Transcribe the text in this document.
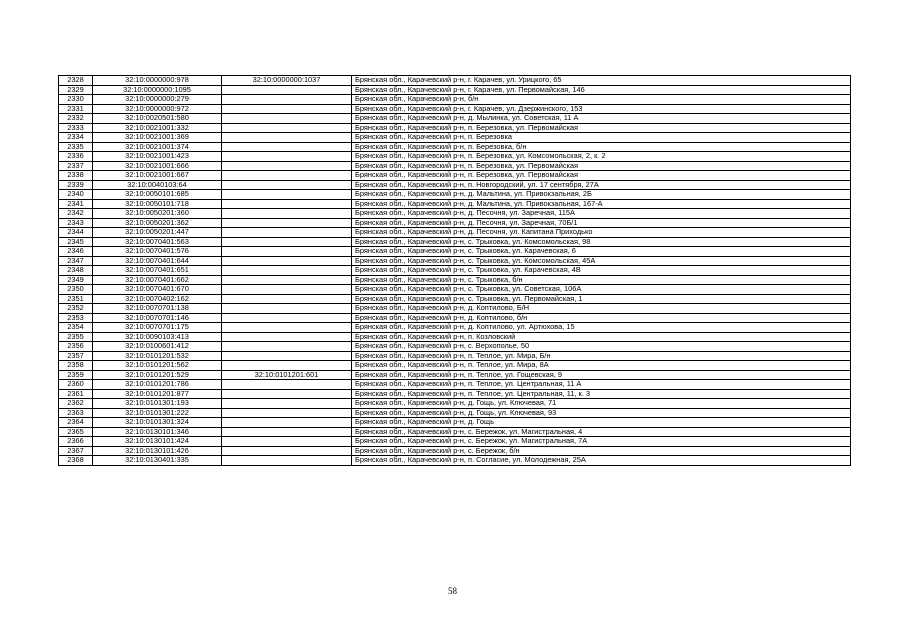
2328	32:10:0000000:978	32:10:0000000:1037	Брянская обл., Карачевский р-н, г. Карачев, ул. Урицкого, 65
2329	32:10:0000000:1095		Брянская обл., Карачевский р-н, г. Карачев, ул. Первомайская, 146
2330	32:10:0000000:279		Брянская обл., Карачевский р-н, б/н
2331	32:10:0000000:972		Брянская обл., Карачевский р-н, г. Карачев, ул. Дзержинского, 153
2332	32:10:0020501:580		Брянская обл., Карачевский р-н, д. Мылинка, ул. Советская, 11 А
2333	32:10:0021001:332		Брянская обл., Карачевский р-н, п. Березовка, ул. Первомайская
2334	32:10:0021001:369		Брянская обл., Карачевский р-н, п. Березовка
2335	32:10:0021001:374		Брянская обл., Карачевский р-н, п. Березовка, б/н
2336	32:10:0021001:423		Брянская обл., Карачевский р-н, п. Березовка, ул. Комсомольская, 2, к. 2
2337	32:10:0021001:666		Брянская обл., Карачевский р-н, п. Березовка, ул. Первомайская
2338	32:10:0021001:667		Брянская обл., Карачевский р-н, п. Березовка, ул. Первомайская
2339	32:10:0040103:64		Брянская обл., Карачевский р-н, п. Новгородский, ул. 17 сентября, 27А
2340	32:10:0050101:685		Брянская обл., Карачевский р-н, д. Мальтина, ул. Привокзальная, 2Б
2341	32:10:0050101:718		Брянская обл., Карачевский р-н, д. Мальтина, ул. Привокзальная, 167-А
2342	32:10:0050201:360		Брянская обл., Карачевский р-н, д. Песочня, ул. Заречная, 115А
2343	32:10:0050201:362		Брянская обл., Карачевский р-н, д. Песочня, ул. Заречная, 70Б/1
2344	32:10:0050201:447		Брянская обл., Карачевский р-н, д. Песочня, ул. Капитана Приходько
2345	32:10:0070401:563		Брянская обл., Карачевский р-н, с. Трыковка, ул. Комсомольская, 98
2346	32:10:0070401:576		Брянская обл., Карачевский р-н, с. Трыковка, ул. Карачевская, 6
2347	32:10:0070401:644		Брянская обл., Карачевский р-н, с. Трыковка, ул. Комсомольская, 45А
2348	32:10:0070401:651		Брянская обл., Карачевский р-н, с. Трыковка, ул. Карачевская, 4В
2349	32:10:0070401:662		Брянская обл., Карачевский р-н, с. Трыковка, б/н
2350	32:10:0070401:670		Брянская обл., Карачевский р-н, с. Трыковка, ул. Советская, 106А
2351	32:10:0070402:162		Брянская обл., Карачевский р-н, с. Трыковка, ул. Первомайская, 1
2352	32:10:0070701:138		Брянская обл., Карачевский р-н, д. Коптилово, Б/Н
2353	32:10:0070701:146		Брянская обл., Карачевский р-н, д. Коптилово, б/н
2354	32:10:0070701:175		Брянская обл., Карачевский р-н, д. Коптилово, ул. Артюхова, 15
2355	32:10:0090103:413		Брянская обл., Карачевский р-н, п. Козловский
2356	32:10:0100601:412		Брянская обл., Карачевский р-н, с. Верхополье, 50
2357	32:10:0101201:532		Брянская обл., Карачевский р-н, п. Теплое, ул. Мира, Б/н
2358	32:10:0101201:562		Брянская обл., Карачевский р-н, п. Теплое, ул. Мира, 8А
2359	32:10:0101201:529	32:10:0101201:601	Брянская обл., Карачевский р-н, п. Теплое, ул. Гощевская, 9
2360	32:10:0101201:786		Брянская обл., Карачевский р-н, п. Теплое, ул. Центральная, 11 А
2361	32:10:0101201:877		Брянская обл., Карачевский р-н, п. Теплое, ул. Центральная, 11, к. 3
2362	32:10:0101301:193		Брянская обл., Карачевский р-н, д. Гощь, ул. Ключевая, 71
2363	32:10:0101301:222		Брянская обл., Карачевский р-н, д. Гощь, ул. Ключевая, 93
2364	32:10:0101301:324		Брянская обл., Карачевский р-н, д. Гощь
2365	32:10:0130101:346		Брянская обл., Карачевский р-н, с. Бережок, ул. Магистральная, 4
2366	32:10:0130101:424		Брянская обл., Карачевский р-н, с. Бережок, ул. Магистральная, 7А
2367	32:10:0130101:426		Брянская обл., Карачевский р-н, с. Бережок, б/н
2368	32:10:0130401:335		Брянская обл., Карачевский р-н, п. Согласие, ул. Молодежная, 25А
58
